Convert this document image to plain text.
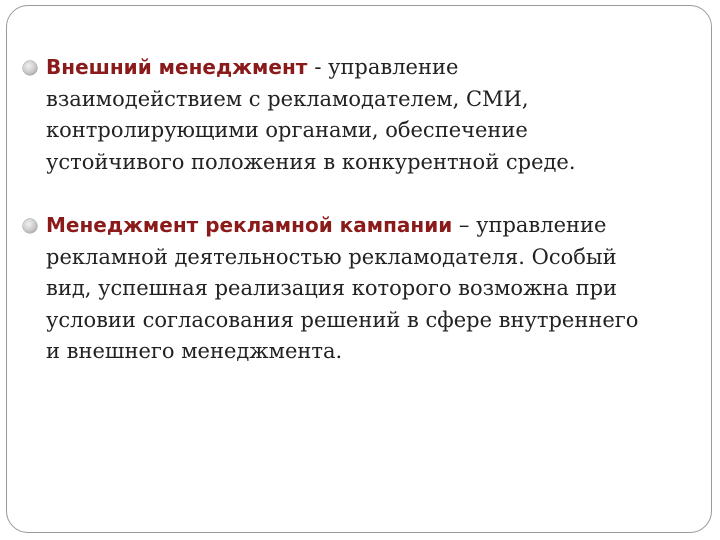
Внешний менеджмент - управление
взаимодействием с рекламодателем, СМИ,
контролирующими органами, обеспечение
устойчивого положения в конкурентной среде.
Менеджмент рекламной кампании – управление
рекламной деятельностью рекламодателя. Особый
вид, успешная реализация которого возможна при
условии согласования решений в сфере внутреннего
и внешнего менеджмента.
